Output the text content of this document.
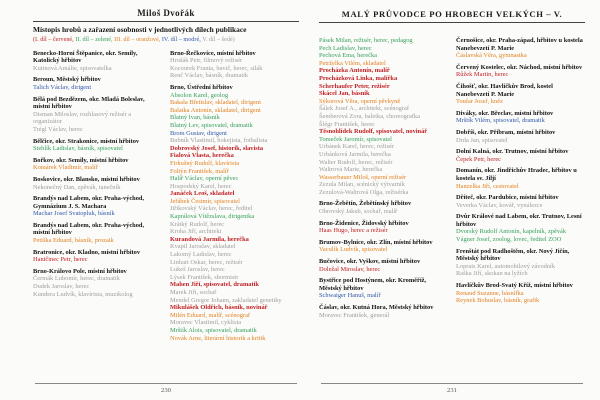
Miloš Dvořák
Místopis hrobů a zařazení osobnosti v jednotlivých dílech publikace
(I. díl – červené, II. díl – zelené, III. díl – oranžové, IV. díl – modré, V. díl – šedé)
Benecko-Horní Štěpanice, okr. Semily, Katolický hřbitov
Kutinová Amálie, spisovatelka
Beroun, Městský hřbitov
Talich Václav, dirigent
Bělá pod Bezdězem, okr. Mladá Boleslav, místní hřbitov
Disman Miloslav, rozhlasový režisér a organizátor
Trégl Václav, herec
Bělčice, okr. Strakonice, místní hřbitov
Stehlík Ladislav, básník, spisovatel
Bořkov, okr. Semily, místní hřbitov
Komárek Vladimír, malíř
Boskovice, okr. Blansko, místní hřbitov
Nekonečný Dan, zpěvák, tanečník
Brandýs nad Labem, okr. Praha-východ, Gymnázium J. S. Machara
Machar Josef Svatopluk, básník
Brandýs nad Labem, okr. Praha-východ, místní hřbitov
Petiška Eduard, básník, prozaik
Bratronice, okr. Kladno, místní hřbitov
Haničinec Petr, herec
Brno-Královo Pole, místní hřbitov
Čermák Lubomír, herec, dramatik
Dudek Jaroslav, herec
Kundera Ludvík, klavírista, muzikolog
Brno-Řečkovice, místní hřbitov
Hrušák Petr, filmový režisér
Kocourek Franta, bavič, herec, silák
Renč Václav, básník, dramatik
Brno, Ústřední hřbitov
Absolon Karel, geolog
Bakala Břetislav, skladatel, dirigent
Balatka Antonín, skladatel, dirigent
Blatný Ivan, básník
Blatný Lev, spisovatel, dramatik
Brom Gustav, dirigent
Bubník Vlastimil, hokejista, fotbalista
Dobrovský Josef, historik, slavista
Fialová Vlasta, herečka
Firkušný Rudolf, klavírista
Foltýn František, malíř
Halíř Václav, operní pěvec
Hospodský Karel, herec
Janáček Leoš, skladatel
Jeřábek Čestmír, spisovatel
Jiřikovský Václav, herec, ředitel
Kaprálová Vítězslava, dirigentka
Krátký Rudolf, herec
Kroha Jiří, architekt
Kurandová Jarmila, herečka
Kvapil Jaroslav, skladatel
Lakomý Ladislav, herec
Linhart Oskar, herec, režisér
Lukeš Jaroslav, herec
Lýsek František, sbormistr
Mahen Jiří, spisovatel, dramatik
Marek Jiří, sochař
Mendel Gregor Johann, zakladatel genetiky
Mikulášek Oldřich, básník, novinář
Milén Eduard, malíř, scénograf
Moravec Vlastimil, cyklista
Mrštík Alois, spisovatel, dramatik
Novák Arne, literární historik a kritik
230
MALÝ PRŮVODCE PO HROBECH VELKÝCH – V.
Pásek Milan, režisér, herec, pedagog
Pech Ladislav, herec
Pechová Ema, herečka
Petrželka Vilém, skladatel
Procházka Antonín, malíř
Procházková Linka, malířka
Scherhaufer Peter, režisér
Skácel Jan, básník
Sýkorová Věra, operní pěvkyně
Šálek Josef A., architekt, scénograf
Šemberová Zora, baletka, choreografka
Šlégr František, herec
Těsnohlídek Rudolf, spisovatel, novinář
Tomeček Jaromír, spisovatel
Urbánek Karel, herec, režisér
Urbánková Jarmila, herečka
Walter Rudolf, herec, režisér
Waltrová Marie, herečka
Wasserbauer Miloš, operní režisér
Zezula Milan, scénický výtvarník
Zezulová-Waltrová Olga, režisérka
Brno-Žebětín, Žebětínský hřbitov
Obrovský Jakub, sochař, malíř
Brno-Židenice, Židovský hřbitov
Haas Hugo, herec a režisér
Brumov-Bylnice, okr. Zlín, místní hřbitov
Vaculík Ludvík, spisovatel
Bučovice, okr. Vyškov, místní hřbitov
Doležal Miroslav, herec
Bystřice pod Hostýnem, okr. Kroměříž, Městský hřbitov
Schwaiger Hanuš, malíř
Čáslav, okr. Kutná Hora, Městský hřbitov
Moravec František, generál
Černošice, okr. Praha-západ, hřbitov u kostela Nanebevzetí P. Marie
Čáslavská Věra, gymnastka
Červený Kostelec, okr. Náchod, místní hřbitov
Růžek Martin, herec
Čihošť, okr. Havlíčkův Brod, kostel Nanebevzetí P. Marie
Toufar Josef, kněz
Diváky, okr. Břeclav, místní hřbitov
Mrštík Vilém, spisovatel, dramatik
Dobříš, okr. Příbram, místní hřbitov
Drda Jan, spisovatel
Dolní Kalná, okr. Trutnov, místní hřbitov
Čepek Petr, herec
Domanín, okr. Jindřichův Hradec, hřbitov u kostela sv. Jiljí
Hanzelka Jiří, cestovatel
Dříteč, okr. Pardubice, místní hřbitov
Veverka Václav, kovář, vynálezce
Dvůr Králové nad Labem, okr. Trutnov, Lesní hřbitov
Dvorský Rudolf Antonín, kapelník, zpěvák
Vágner Josef, zoolog, lovec, ředitel ZOO
Frenštát pod Radhoštěm, okr. Nový Jičín, Městský hřbitov
Loprais Karel, automobilový závodník
Raška Jiří, skokan na lyžích
Havlíčkův Brod-Svatý Kříž, místní hřbitov
Renaud Suzanne, básnířka
Reynek Bohuslav, básník, grafik
231
